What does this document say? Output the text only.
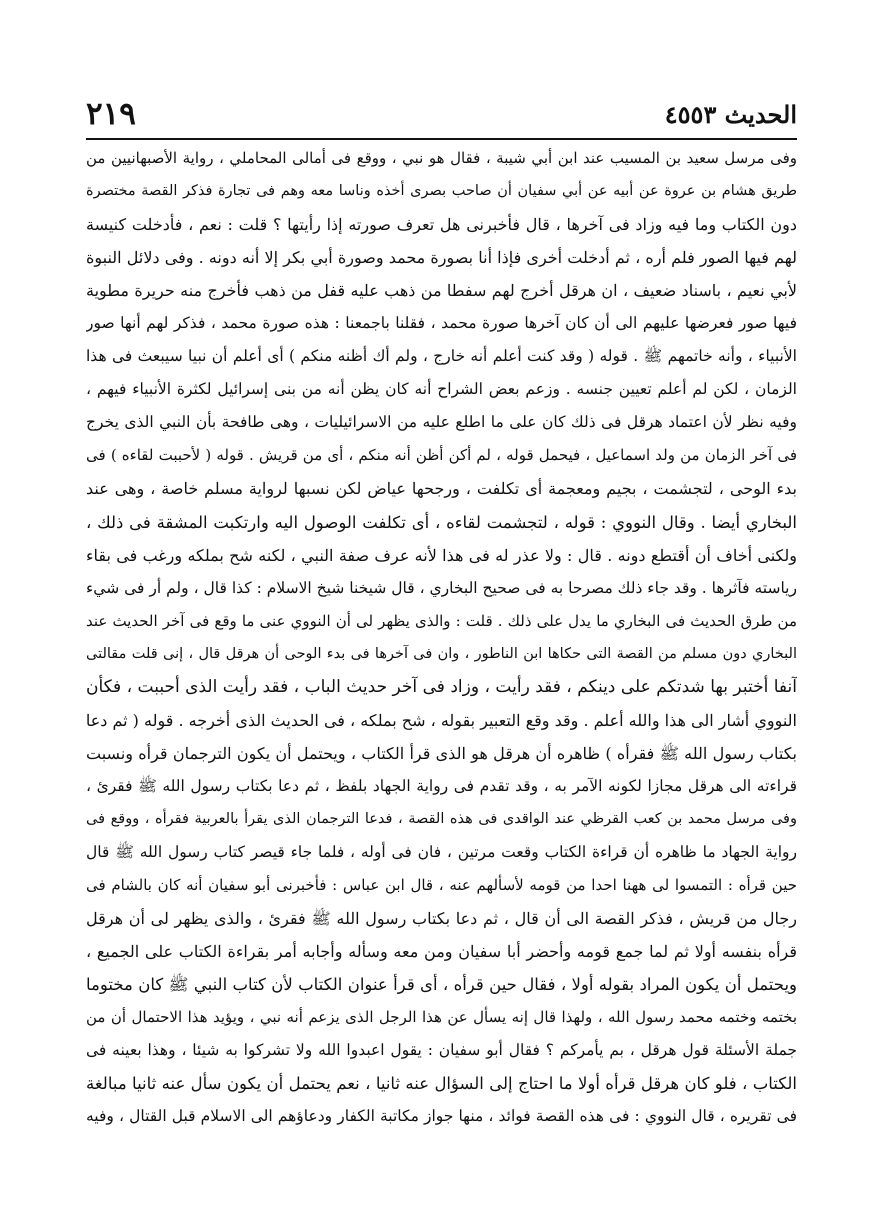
الحديث ٤٥٥٣
٢١٩
وفى مرسل سعيد بن المسيب عند ابن أبي شيبة ، فقال هو نبي ، ووقع فى أمالى المحاملي ، رواية الأصبهانيين من
طريق هشام بن عروة عن أبيه عن أبي سفيان أن صاحب بصرى أخذه وناسا معه وهم فى تجارة فذكر القصة مختصرة
دون الكتاب وما فيه وزاد فى آخرها ، قال فأخبرنى هل تعرف صورته إذا رأيتها ؟ قلت : نعم ، فأدخلت كنيسة
لهم فيها الصور فلم أره ، ثم أدخلت أخرى فإذا أنا بصورة محمد وصورة أبي بكر إلا أنه دونه . وفى دلائل النبوة
لأبي نعيم ، باسناد ضعيف ، ان هرقل أخرج لهم سفطا من ذهب عليه قفل من ذهب فأخرج منه حريرة مطوية
فيها صور فعرضها عليهم الى أن كان آخرها صورة محمد ، فقلنا باجمعنا : هذه صورة محمد ، فذكر لهم أنها صور
الأنبياء ، وأنه خاتمهم ﷺ . قوله ( وقد كنت أعلم أنه خارج ، ولم أك أظنه منكم ) أى أعلم أن نبيا سيبعث فى هذا
الزمان ، لكن لم أعلم تعيين جنسه . وزعم بعض الشراح أنه كان يظن أنه من بنى إسرائيل لكثرة الأنبياء فيهم ،
وفيه نظر لأن اعتماد هرقل فى ذلك كان على ما اطلع عليه من الاسرائيليات ، وهى طافحة بأن النبي الذى يخرج
فى آخر الزمان من ولد اسماعيل ، فيحمل قوله ، لم أكن أظن أنه منكم ، أى من قريش . قوله ( لأحببت لقاءه ) فى
بدء الوحى ، لتجشمت ، بجيم ومعجمة أى تكلفت ، ورجحها عياض لكن نسبها لرواية مسلم خاصة ، وهى عند
البخاري أيضا . وقال النووي : قوله ، لتجشمت لقاءه ، أى تكلفت الوصول اليه وارتكبت المشقة فى ذلك ،
ولكنى أخاف أن أقتطع دونه . قال : ولا عذر له فى هذا لأنه عرف صفة النبي ، لكنه شح بملكه ورغب فى بقاء
رياسته فآثرها . وقد جاء ذلك مصرحا به فى صحيح البخاري ، قال شيخنا شيخ الاسلام : كذا قال ، ولم أر فى شيء
من طرق الحديث فى البخاري ما يدل على ذلك . قلت : والذى يظهر لى أن النووي عنى ما وقع فى آخر الحديث عند
البخاري دون مسلم من القصة التى حكاها ابن الناطور ، وان فى آخرها فى بدء الوحى أن هرقل قال ، إنى قلت مقالتى
آنفا أختبر بها شدتكم على دينكم ، فقد رأيت ، وزاد فى آخر حديث الباب ، فقد رأيت الذى أحببت ، فكأن
النووي أشار الى هذا والله أعلم . وقد وقع التعبير بقوله ، شح بملكه ، فى الحديث الذى أخرجه . قوله ( ثم دعا
بكتاب رسول الله ﷺ فقرأه ) ظاهره أن هرقل هو الذى قرأ الكتاب ، ويحتمل أن يكون الترجمان قرأه ونسبت
قراءته الى هرقل مجازا لكونه الآمر به ، وقد تقدم فى رواية الجهاد بلفظ ، ثم دعا بكتاب رسول الله ﷺ فقرئ ،
وفى مرسل محمد بن كعب القرظي عند الواقدى فى هذه القصة ، فدعا الترجمان الذى يقرأ بالعربية فقرأه ، ووقع فى
رواية الجهاد ما ظاهره أن قراءة الكتاب وقعت مرتين ، فان فى أوله ، فلما جاء قيصر كتاب رسول الله ﷺ قال
حين قرأه : التمسوا لى ههنا احدا من قومه لأسألهم عنه ، قال ابن عباس : فأخبرنى أبو سفيان أنه كان بالشام فى
رجال من قريش ، فذكر القصة الى أن قال ، ثم دعا بكتاب رسول الله ﷺ فقرئ ، والذى يظهر لى أن هرقل
قرأه بنفسه أولا ثم لما جمع قومه وأحضر أبا سفيان ومن معه وسأله وأجابه أمر بقراءة الكتاب على الجميع ،
ويحتمل أن يكون المراد بقوله أولا ، فقال حين قرأه ، أى قرأ عنوان الكتاب لأن كتاب النبي ﷺ كان مختوما
بختمه وختمه محمد رسول الله ، ولهذا قال إنه يسأل عن هذا الرجل الذى يزعم أنه نبي ، ويؤيد هذا الاحتمال أن من
جملة الأسئلة قول هرقل ، بم يأمركم ؟ فقال أبو سفيان : يقول اعبدوا الله ولا تشركوا به شيئا ، وهذا بعينه فى
الكتاب ، فلو كان هرقل قرأه أولا ما احتاج إلى السؤال عنه ثانيا ، نعم يحتمل أن يكون سأل عنه ثانيا مبالغة
فى تقريره ، قال النووي : فى هذه القصة فوائد ، منها جواز مكاتبة الكفار ودعاؤهم الى الاسلام قبل القتال ، وفيه
